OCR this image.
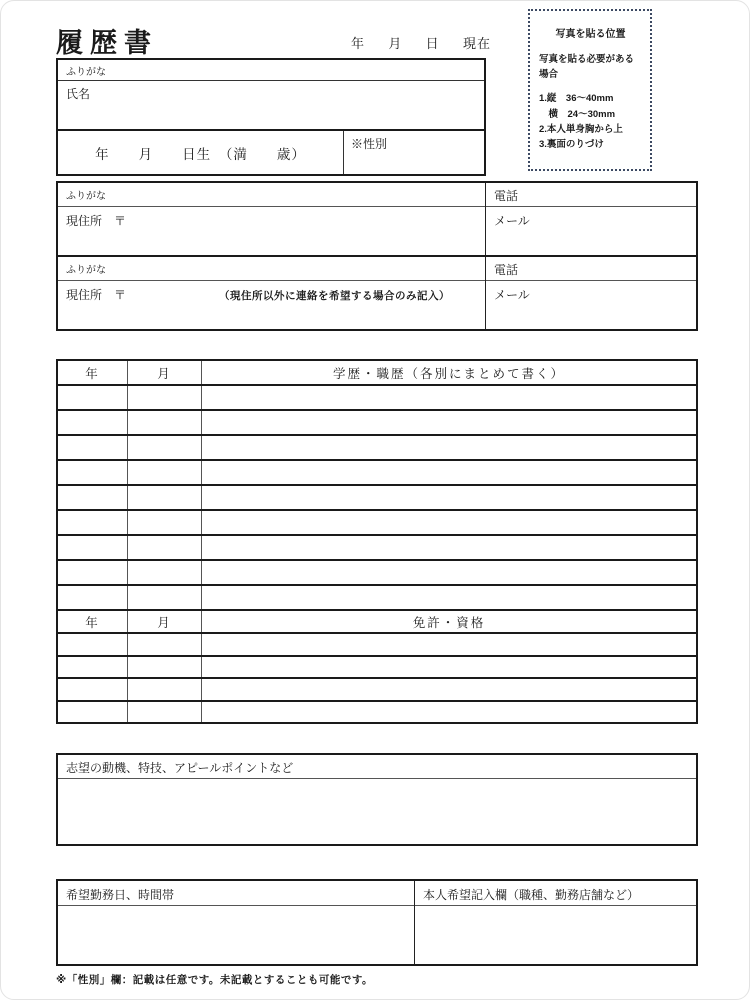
履歴書	年 月 日 現在
写真を貼る位置
写真を貼る必要がある
場合
1.縦　36～40mm
　横　24～30mm
2.本人単身胸から上
3.裏面のりづけ
ふりがな
氏名
年　　月　　日生　（満　　歳）
※性別
ふりがな
現住所　〒
電話
メール
ふりがな
現住所　〒	（現住所以外に連絡を希望する場合のみ記入）
電話
メール
年	月	学歴・職歴（各別にまとめて書く）
年	月	免許・資格
志望の動機、特技、アピールポイントなど
希望勤務日、時間帯	本人希望記入欄（職種、勤務店舗など）
※「性別」欄：記載は任意です。未記載とすることも可能です。
